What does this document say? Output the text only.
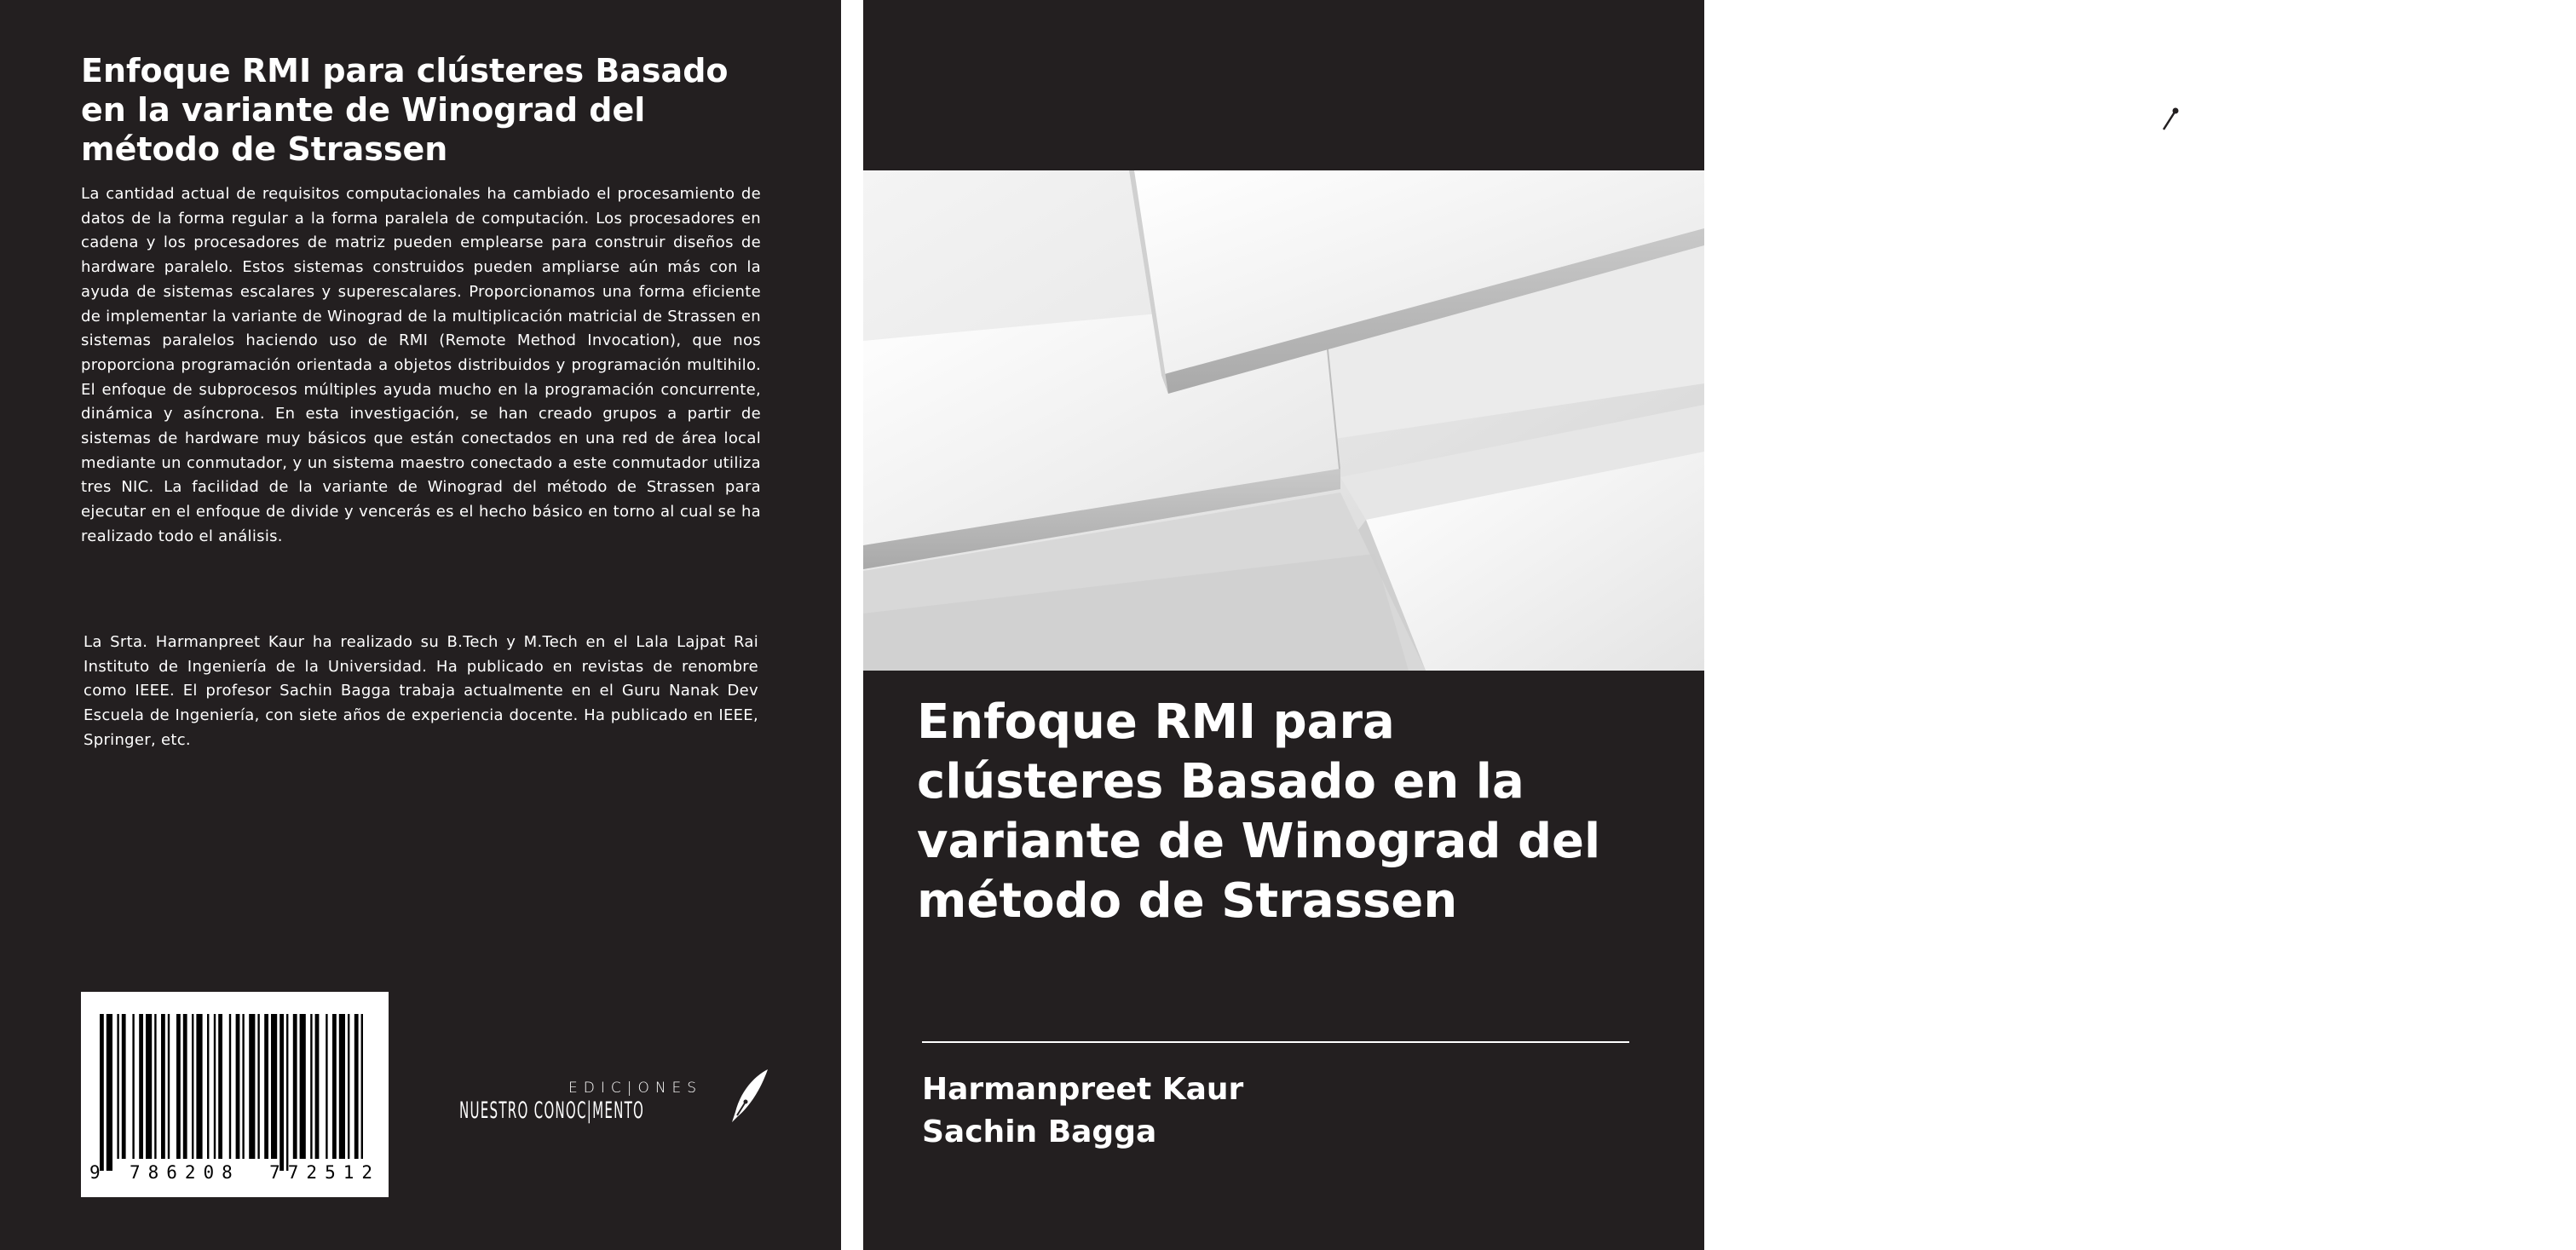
Enfoque RMI para clústeres Basado
en la variante de Winograd del
método de Strassen

La cantidad actual de requisitos computacionales ha cambiado el procesamiento de datos de la forma regular a la forma paralela de computación. Los procesadores en cadena y los procesadores de matriz pueden emplearse para construir diseños de hardware paralelo. Estos sistemas construidos pueden ampliarse aún más con la ayuda de sistemas escalares y superescalares. Proporcionamos una forma eficiente de implementar la variante de Winograd de la multiplicación matricial de Strassen en sistemas paralelos haciendo uso de RMI (Remote Method Invocation), que nos proporciona programación orientada a objetos distribuidos y programación multihilo. El enfoque de subprocesos múltiples ayuda mucho en la programación concurrente, dinámica y asíncrona. En esta investigación, se han creado grupos a partir de sistemas de hardware muy básicos que están conectados en una red de área local mediante un conmutador, y un sistema maestro conectado a este conmutador utiliza tres NIC. La facilidad de la variante de Winograd del método de Strassen para ejecutar en el enfoque de divide y vencerás es el hecho básico en torno al cual se ha realizado todo el análisis.

La Srta. Harmanpreet Kaur ha realizado su B.Tech y M.Tech en el Lala Lajpat Rai Instituto de Ingeniería de la Universidad. Ha publicado en revistas de renombre como IEEE. El profesor Sachin Bagga trabaja actualmente en el Guru Nanak Dev Escuela de Ingeniería, con siete años de experiencia docente. Ha publicado en IEEE, Springer, etc.

9 786208 772512
EDIC|ONES
NUESTRO CONOC|MENTO
EDIC|ONES
NUESTRO CONOC|MENTO
Enfoque RMI para
clústeres Basado en la
variante de Winograd del
método de Strassen

Harmanpreet Kaur

Sachin Bagga
